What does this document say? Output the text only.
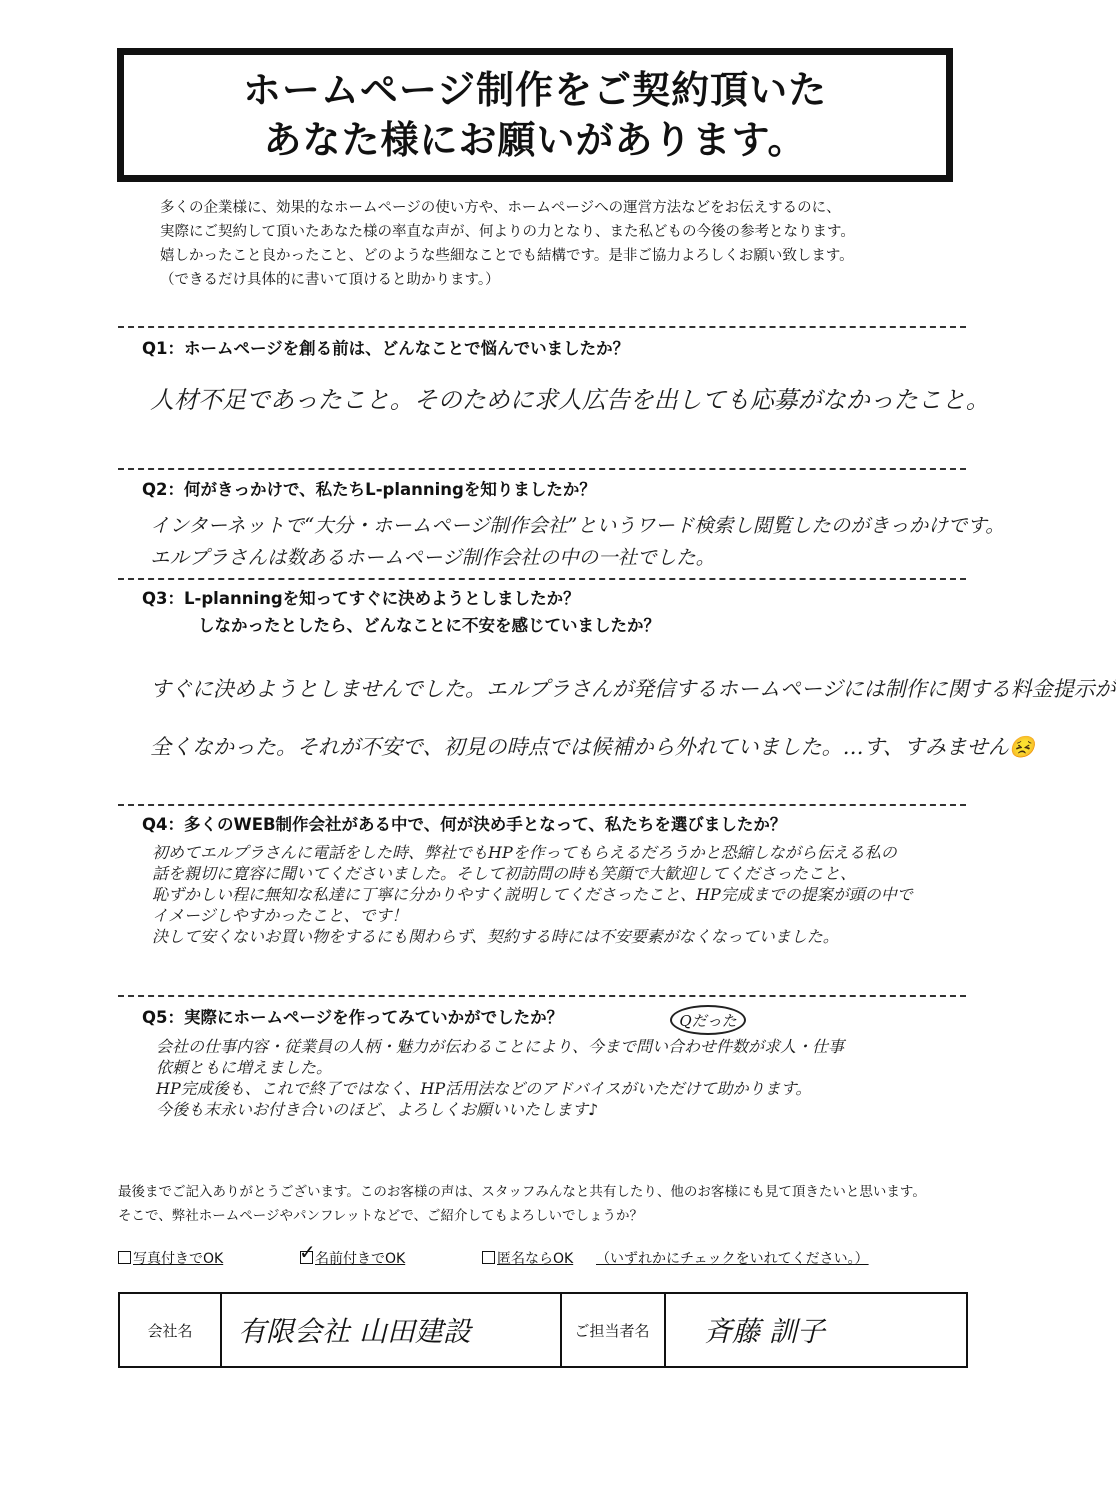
ホームページ制作をご契約頂いた
あなた様にお願いがあります。
多くの企業様に、効果的なホームページの使い方や、ホームページへの運営方法などをお伝えするのに、
実際にご契約して頂いたあなた様の率直な声が、何よりの力となり、また私どもの今後の参考となります。
嬉しかったこと良かったこと、どのような些細なことでも結構です。是非ご協力よろしくお願い致します。
（できるだけ具体的に書いて頂けると助かります。）
Q1：ホームページを創る前は、どんなことで悩んでいましたか？
人材不足であったこと。そのために求人広告を出しても応募がなかったこと。
Q2：何がきっかけで、私たちL-planningを知りましたか？
インターネットで“大分・ホームページ制作会社”というワード検索し閲覧したのがきっかけです。
エルプラさんは数あるホームページ制作会社の中の一社でした。
Q3：L-planningを知ってすぐに決めようとしましたか？
しなかったとしたら、どんなことに不安を感じていましたか？
すぐに決めようとしませんでした。エルプラさんが発信するホームページには制作に関する料金提示が
全くなかった。それが不安で、初見の時点では候補から外れていました。…す、すみません😣
Q4：多くのWEB制作会社がある中で、何が決め手となって、私たちを選びましたか？
初めてエルプラさんに電話をした時、弊社でもHPを作ってもらえるだろうかと恐縮しながら伝える私の
話を親切に寛容に聞いてくださいました。そして初訪問の時も笑顔で大歓迎してくださったこと、
恥ずかしい程に無知な私達に丁寧に分かりやすく説明してくださったこと、HP完成までの提案が頭の中で
イメージしやすかったこと、です！
決して安くないお買い物をするにも関わらず、契約する時には不安要素がなくなっていました。
Q5：実際にホームページを作ってみていかがでしたか？	Qだった
会社の仕事内容・従業員の人柄・魅力が伝わることにより、今まで問い合わせ件数が求人・仕事
依頼ともに増えました。
HP完成後も、これで終了ではなく、HP活用法などのアドバイスがいただけて助かります。
今後も末永いお付き合いのほど、よろしくお願いいたします♪
最後までご記入ありがとうございます。このお客様の声は、スタッフみんなと共有したり、他のお客様にも見て頂きたいと思います。
そこで、弊社ホームページやパンフレットなどで、ご紹介してもよろしいでしょうか？
写真付きでOK
✓	名前付きでOK	匿名ならOK （いずれかにチェックをいれてください。）
会社名	有限会社 山田建設	ご担当者名	斉藤 訓子
